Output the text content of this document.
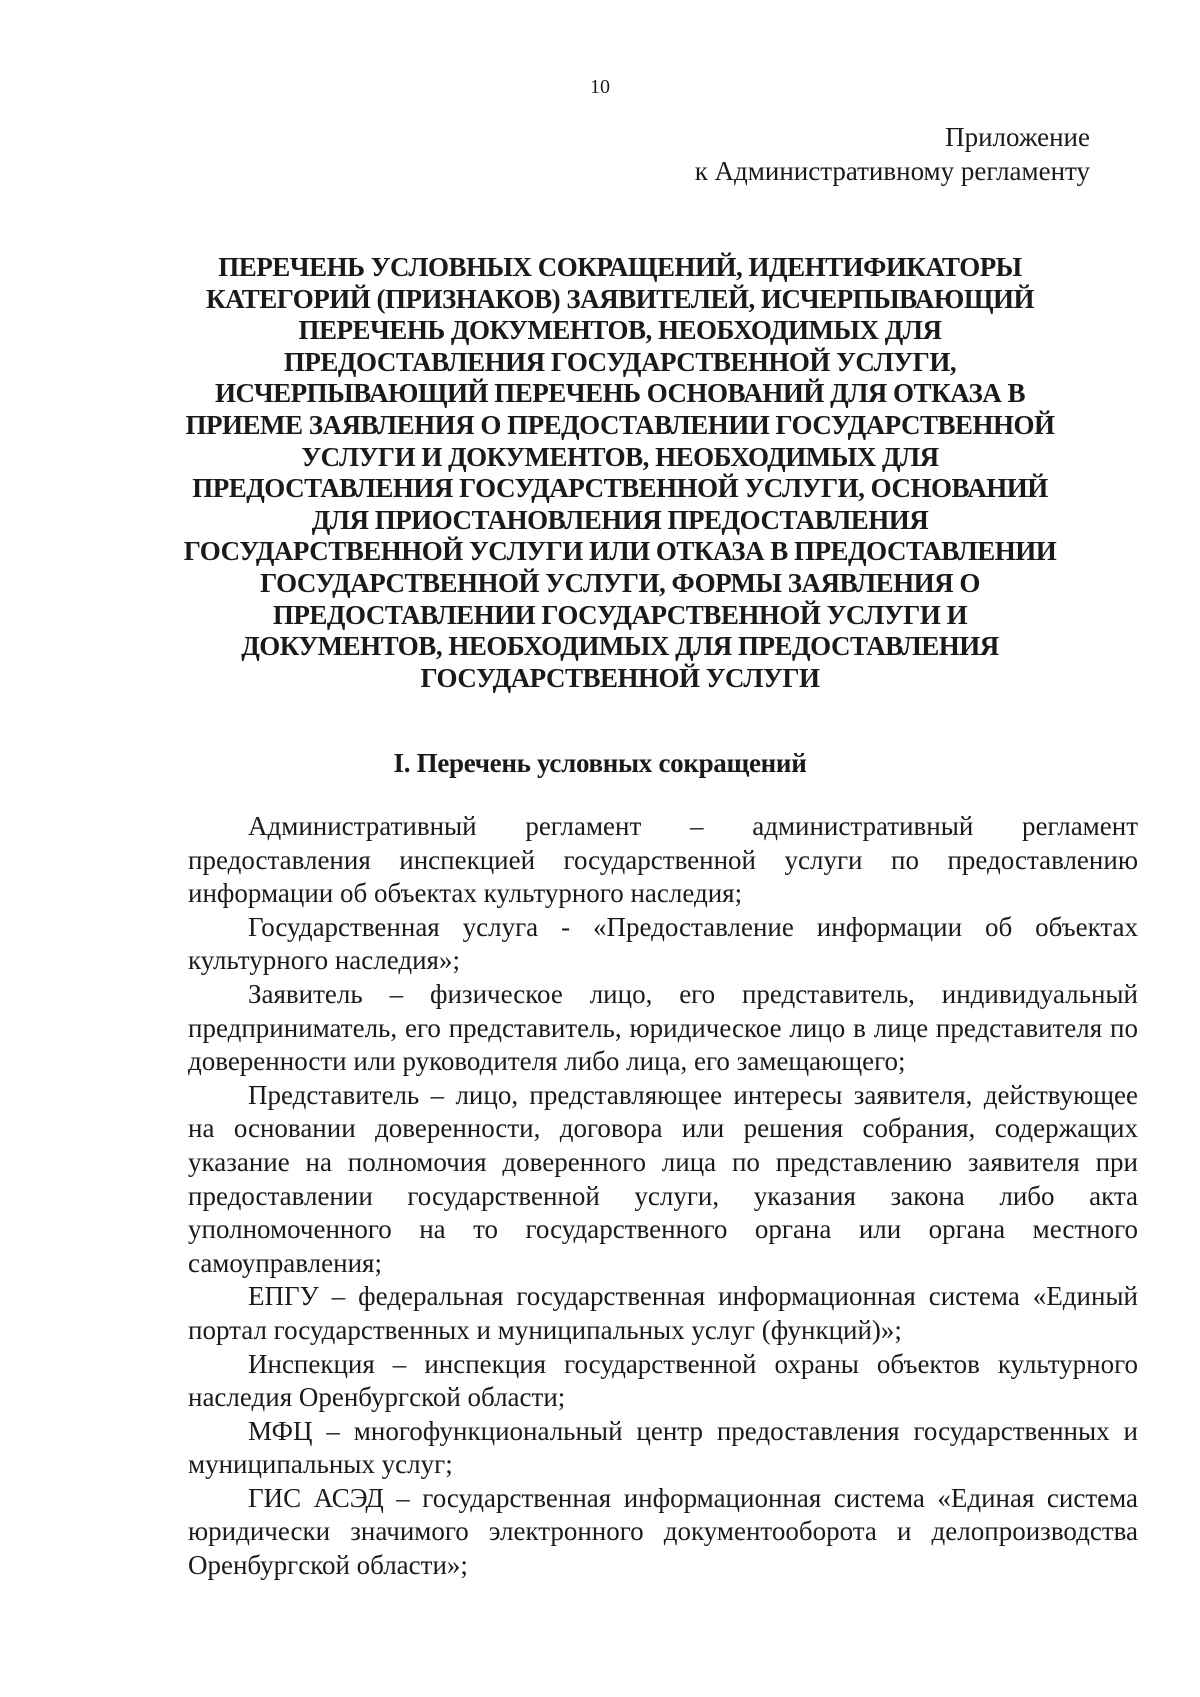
10
Приложение
к Административному регламенту
ПЕРЕЧЕНЬ УСЛОВНЫХ СОКРАЩЕНИЙ, ИДЕНТИФИКАТОРЫ КАТЕГОРИЙ (ПРИЗНАКОВ) ЗАЯВИТЕЛЕЙ, ИСЧЕРПЫВАЮЩИЙ ПЕРЕЧЕНЬ ДОКУМЕНТОВ, НЕОБХОДИМЫХ ДЛЯ ПРЕДОСТАВЛЕНИЯ ГОСУДАРСТВЕННОЙ УСЛУГИ, ИСЧЕРПЫВАЮЩИЙ ПЕРЕЧЕНЬ ОСНОВАНИЙ ДЛЯ ОТКАЗА В ПРИЕМЕ ЗАЯВЛЕНИЯ О ПРЕДОСТАВЛЕНИИ ГОСУДАРСТВЕННОЙ УСЛУГИ И ДОКУМЕНТОВ, НЕОБХОДИМЫХ ДЛЯ ПРЕДОСТАВЛЕНИЯ ГОСУДАРСТВЕННОЙ УСЛУГИ, ОСНОВАНИЙ ДЛЯ ПРИОСТАНОВЛЕНИЯ ПРЕДОСТАВЛЕНИЯ ГОСУДАРСТВЕННОЙ УСЛУГИ ИЛИ ОТКАЗА В ПРЕДОСТАВЛЕНИИ ГОСУДАРСТВЕННОЙ УСЛУГИ, ФОРМЫ ЗАЯВЛЕНИЯ О ПРЕДОСТАВЛЕНИИ ГОСУДАРСТВЕННОЙ УСЛУГИ И ДОКУМЕНТОВ, НЕОБХОДИМЫХ ДЛЯ ПРЕДОСТАВЛЕНИЯ ГОСУДАРСТВЕННОЙ УСЛУГИ
I. Перечень условных сокращений

Административный регламент – административный регламент предоставления инспекцией государственной услуги по предоставлению информации об объектах культурного наследия;

Государственная услуга - «Предоставление информации об объектах культурного наследия»;

Заявитель – физическое лицо, его представитель, индивидуальный предприниматель, его представитель, юридическое лицо в лице представителя по доверенности или руководителя либо лица, его замещающего;

Представитель – лицо, представляющее интересы заявителя, действующее на основании доверенности, договора или решения собрания, содержащих указание на полномочия доверенного лица по представлению заявителя при предоставлении государственной услуги, указания закона либо акта уполномоченного на то государственного органа или органа местного самоуправления;

ЕПГУ – федеральная государственная информационная система «Единый портал государственных и муниципальных услуг (функций)»;

Инспекция – инспекция государственной охраны объектов культурного наследия Оренбургской области;

МФЦ – многофункциональный центр предоставления государственных и муниципальных услуг;

ГИС АСЭД – государственная информационная система «Единая система юридически значимого электронного документооборота и делопроизводства Оренбургской области»;
